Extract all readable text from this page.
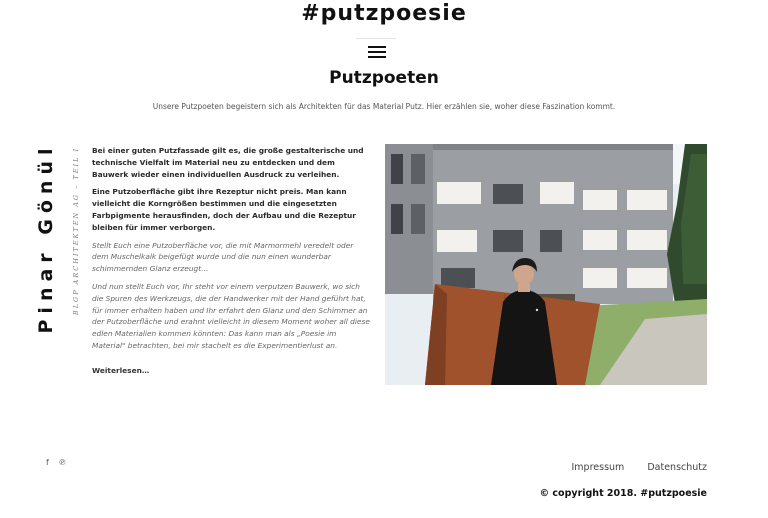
#putzpoesie
Putzpoeten
Unsere Putzpoeten begeistern sich als Architekten für das Material Putz. Hier erzählen sie, woher diese Faszination kommt.
Pinar Gönül BLGP ARCHITEKTEN AG – TEIL I Bei einer guten Putzfassade gilt es, die große gestalterische und technische Vielfalt im Material neu zu entdecken und dem Bauwerk wieder einen individuellen Ausdruck zu verleihen.

Eine Putzoberfläche gibt ihre Rezeptur nicht preis. Man kann vielleicht die Korngrößen bestimmen und die eingesetzten Farbpigmente herausfinden, doch der Aufbau und die Rezeptur bleiben für immer verborgen.

Stellt Euch eine Putzoberfläche vor, die mit Marmormehl veredelt oder dem Muschelkalk beigefügt wurde und die nun einen wunderbar schimmernden Glanz erzeugt…

Und nun stellt Euch vor, Ihr steht vor einem verputzen Bauwerk, wo sich die Spuren des Werkzeugs, die der Handwerker mit der Hand geführt hat, für immer erhalten haben und Ihr erfahrt den Glanz und den Schimmer an der Putzoberfläche und erahnt vielleicht in diesem Moment woher all diese edlen Materialien kommen könnten: Das kann man als „Poesie im Material" betrachten, bei mir stachelt es die Experimentierlust an.

Weiterlesen…
f ℗	Impressum Datenschutz
© copyright 2018. #putzpoesie
